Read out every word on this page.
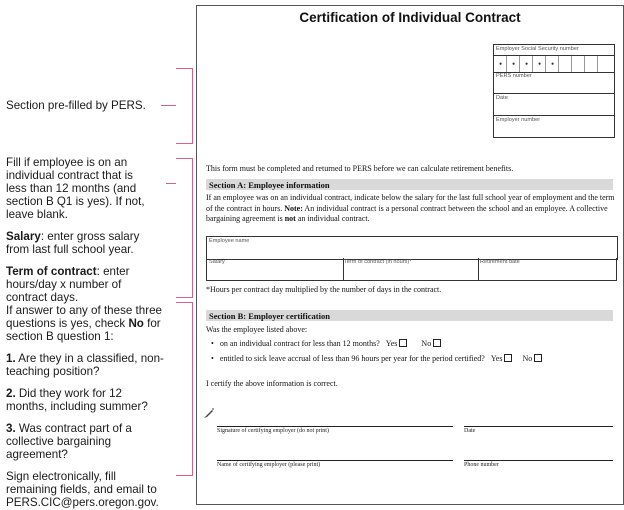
Section pre-filled by PERS.

Fill if employee is on an individual contract that is less than 12 months (and section B Q1 is yes). If not, leave blank.

Salary: enter gross salary from last full school year.

Term of contract: enter hours/day x number of contract days.

If answer to any of these three questions is yes, check No for section B question 1:

1. Are they in a classified, non-teaching position?

2. Did they work for 12 months, including summer?

3. Was contract part of a collective bargaining agreement?

Sign electronically, fill remaining fields, and email to PERS.CIC@pers.oregon.gov.

Certification of Individual Contract
Employer Social Security number
• • • • •
PERS number
Date
Employer number
This form must be completed and returned to PERS before we can calculate retirement benefits.
Section A: Employee information
If an employee was on an individual contract, indicate below the salary for the last full school year of employment and the term of the contract in hours. Note: An individual contract is a personal contract between the school and an employee. A collective bargaining agreement is not an individual contract.
Employee name
Salary	Term of contract (in hours)*	Retirement date
*Hours per contract day multiplied by the number of days in the contract.
Section B: Employer certification
Was the employee listed above:
•   on an individual contract for less than 12 months? Yes	No
•   entitled to sick leave accrual of less than 96 hours per year for the period certified? Yes	No
I certify the above information is correct.
Signature of certifying employer (do not print)	Date
Name of certifying employer (please print)	Phone number
